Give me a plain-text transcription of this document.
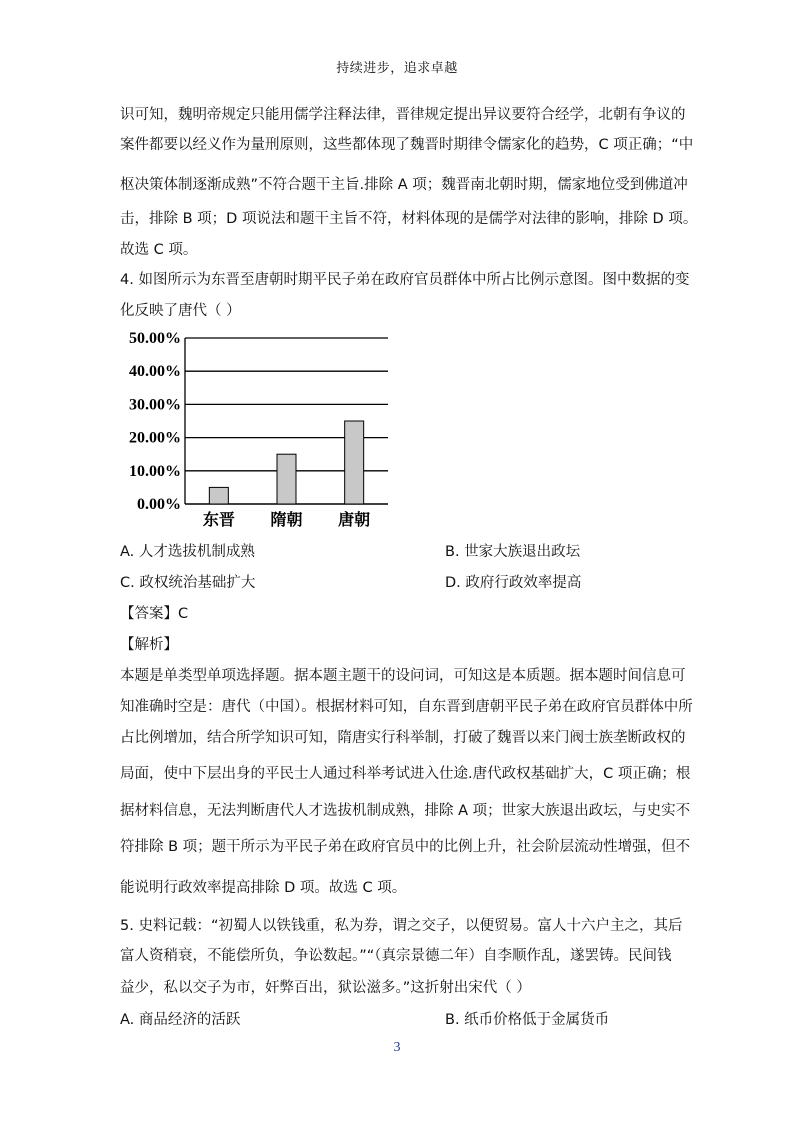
持续进步，追求卓越
识可知，魏明帝规定只能用儒学注释法律，晋律规定提出异议要符合经学，北朝有争议的
案件都要以经义作为量刑原则，这些都体现了魏晋时期律令儒家化的趋势，C 项正确；“中
枢决策体制逐渐成熟”不符合题干主旨.排除 A 项；魏晋南北朝时期，儒家地位受到佛道冲
击，排除 B 项；D 项说法和题干主旨不符，材料体现的是儒学对法律的影响，排除 D 项。
故选 C 项。
4. 如图所示为东晋至唐朝时期平民子弟在政府官员群体中所占比例示意图。图中数据的变
化反映了唐代（ ）
0.00%
10.00%
20.00%
30.00%
40.00%
50.00%
东晋 隋朝 唐朝
A. 人才选拔机制成熟	B. 世家大族退出政坛
C. 政权统治基础扩大	D. 政府行政效率提高
【答案】C
【解析】
本题是单类型单项选择题。据本题主题干的设问词，可知这是本质题。据本题时间信息可
知准确时空是：唐代（中国）。根据材料可知，自东晋到唐朝平民子弟在政府官员群体中所
占比例增加，结合所学知识可知，隋唐实行科举制，打破了魏晋以来门阀士族垄断政权的
局面，使中下层出身的平民士人通过科举考试进入仕途.唐代政权基础扩大，C 项正确；根
据材料信息，无法判断唐代人才选拔机制成熟，排除 A 项；世家大族退出政坛，与史实不
符排除 B 项；题干所示为平民子弟在政府官员中的比例上升，社会阶层流动性增强，但不
能说明行政效率提高排除 D 项。故选 C 项。
5. 史料记载：“初蜀人以铁钱重，私为券，谓之交子，以便贸易。富人十六户主之，其后
富人资稍衰，不能偿所负，争讼数起。”“（真宗景德二年）自李顺作乱，遂罢铸。民间钱
益少，私以交子为市，奸弊百出，狱讼滋多。”这折射出宋代（ ）
A. 商品经济的活跃	B. 纸币价格低于金属货币
3
